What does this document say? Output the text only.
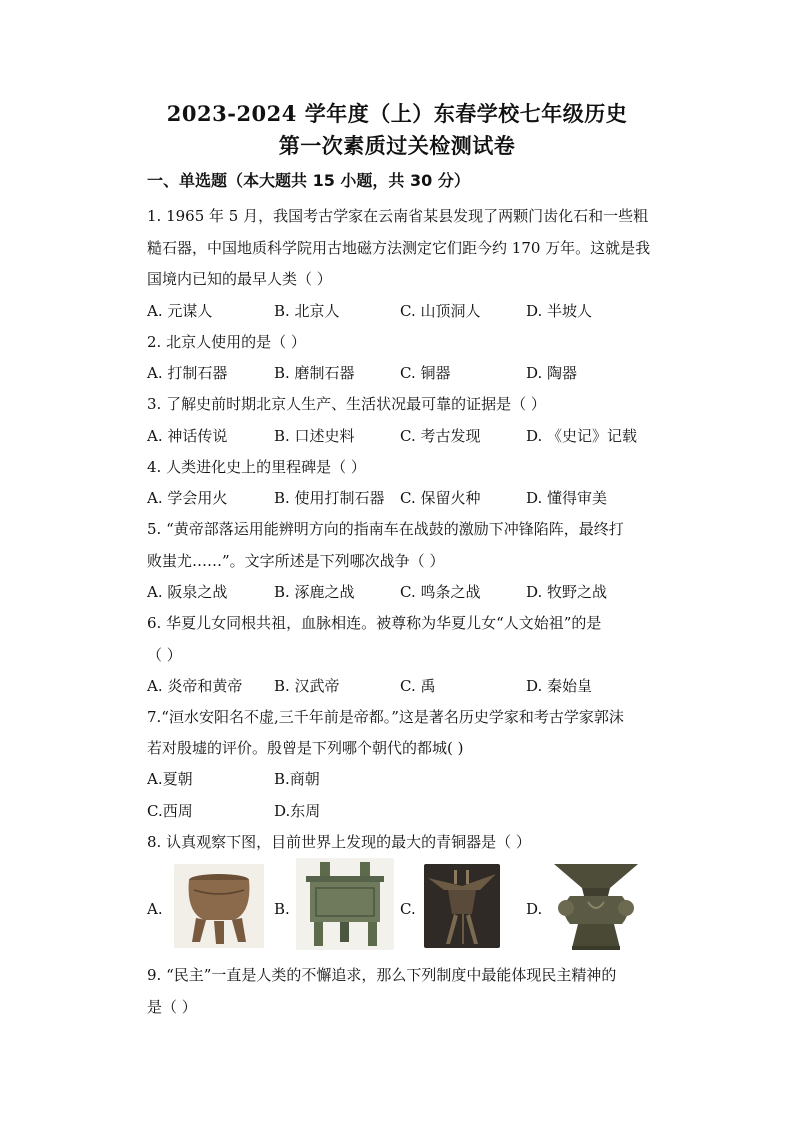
2023-2024 学年度（上）东春学校七年级历史
第一次素质过关检测试卷
一、单选题（本大题共 15 小题，共 30 分）
1. 1965 年 5 月，我国考古学家在云南省某县发现了两颗门齿化石和一些粗
糙石器，中国地质科学院用古地磁方法测定它们距今约 170 万年。这就是我
国境内已知的最早人类（ ）
A. 元谋人	B. 北京人	C. 山顶洞人	D. 半坡人
2. 北京人使用的是（ ）
A. 打制石器	B. 磨制石器	C. 铜器	D. 陶器
3. 了解史前时期北京人生产、生活状况最可靠的证据是（ ）
A. 神话传说	B. 口述史料	C. 考古发现	D. 《史记》记载
4. 人类进化史上的里程碑是（ ）
A. 学会用火	B. 使用打制石器 C. 保留火种	D. 懂得审美
5. “黄帝部落运用能辨明方向的指南车在战鼓的激励下冲锋陷阵，最终打
败蚩尤……”。文字所述是下列哪次战争（ ）
A. 阪泉之战	B. 涿鹿之战	C. 鸣条之战	D. 牧野之战
6. 华夏儿女同根共祖，血脉相连。被尊称为华夏儿女“人文始祖”的是
（ ）
A. 炎帝和黄帝 B. 汉武帝	C. 禹	D. 秦始皇
7.“洹水安阳名不虚,三千年前是帝都。”这是著名历史学家和考古学家郭沫
若对殷墟的评价。殷曾是下列哪个朝代的都城( )
A.夏朝	B.商朝
C.西周	D.东周
8. 认真观察下图，目前世界上发现的最大的青铜器是（ ）
A.	B.	C.	D.
9. “民主”一直是人类的不懈追求，那么下列制度中最能体现民主精神的
是（ ）
